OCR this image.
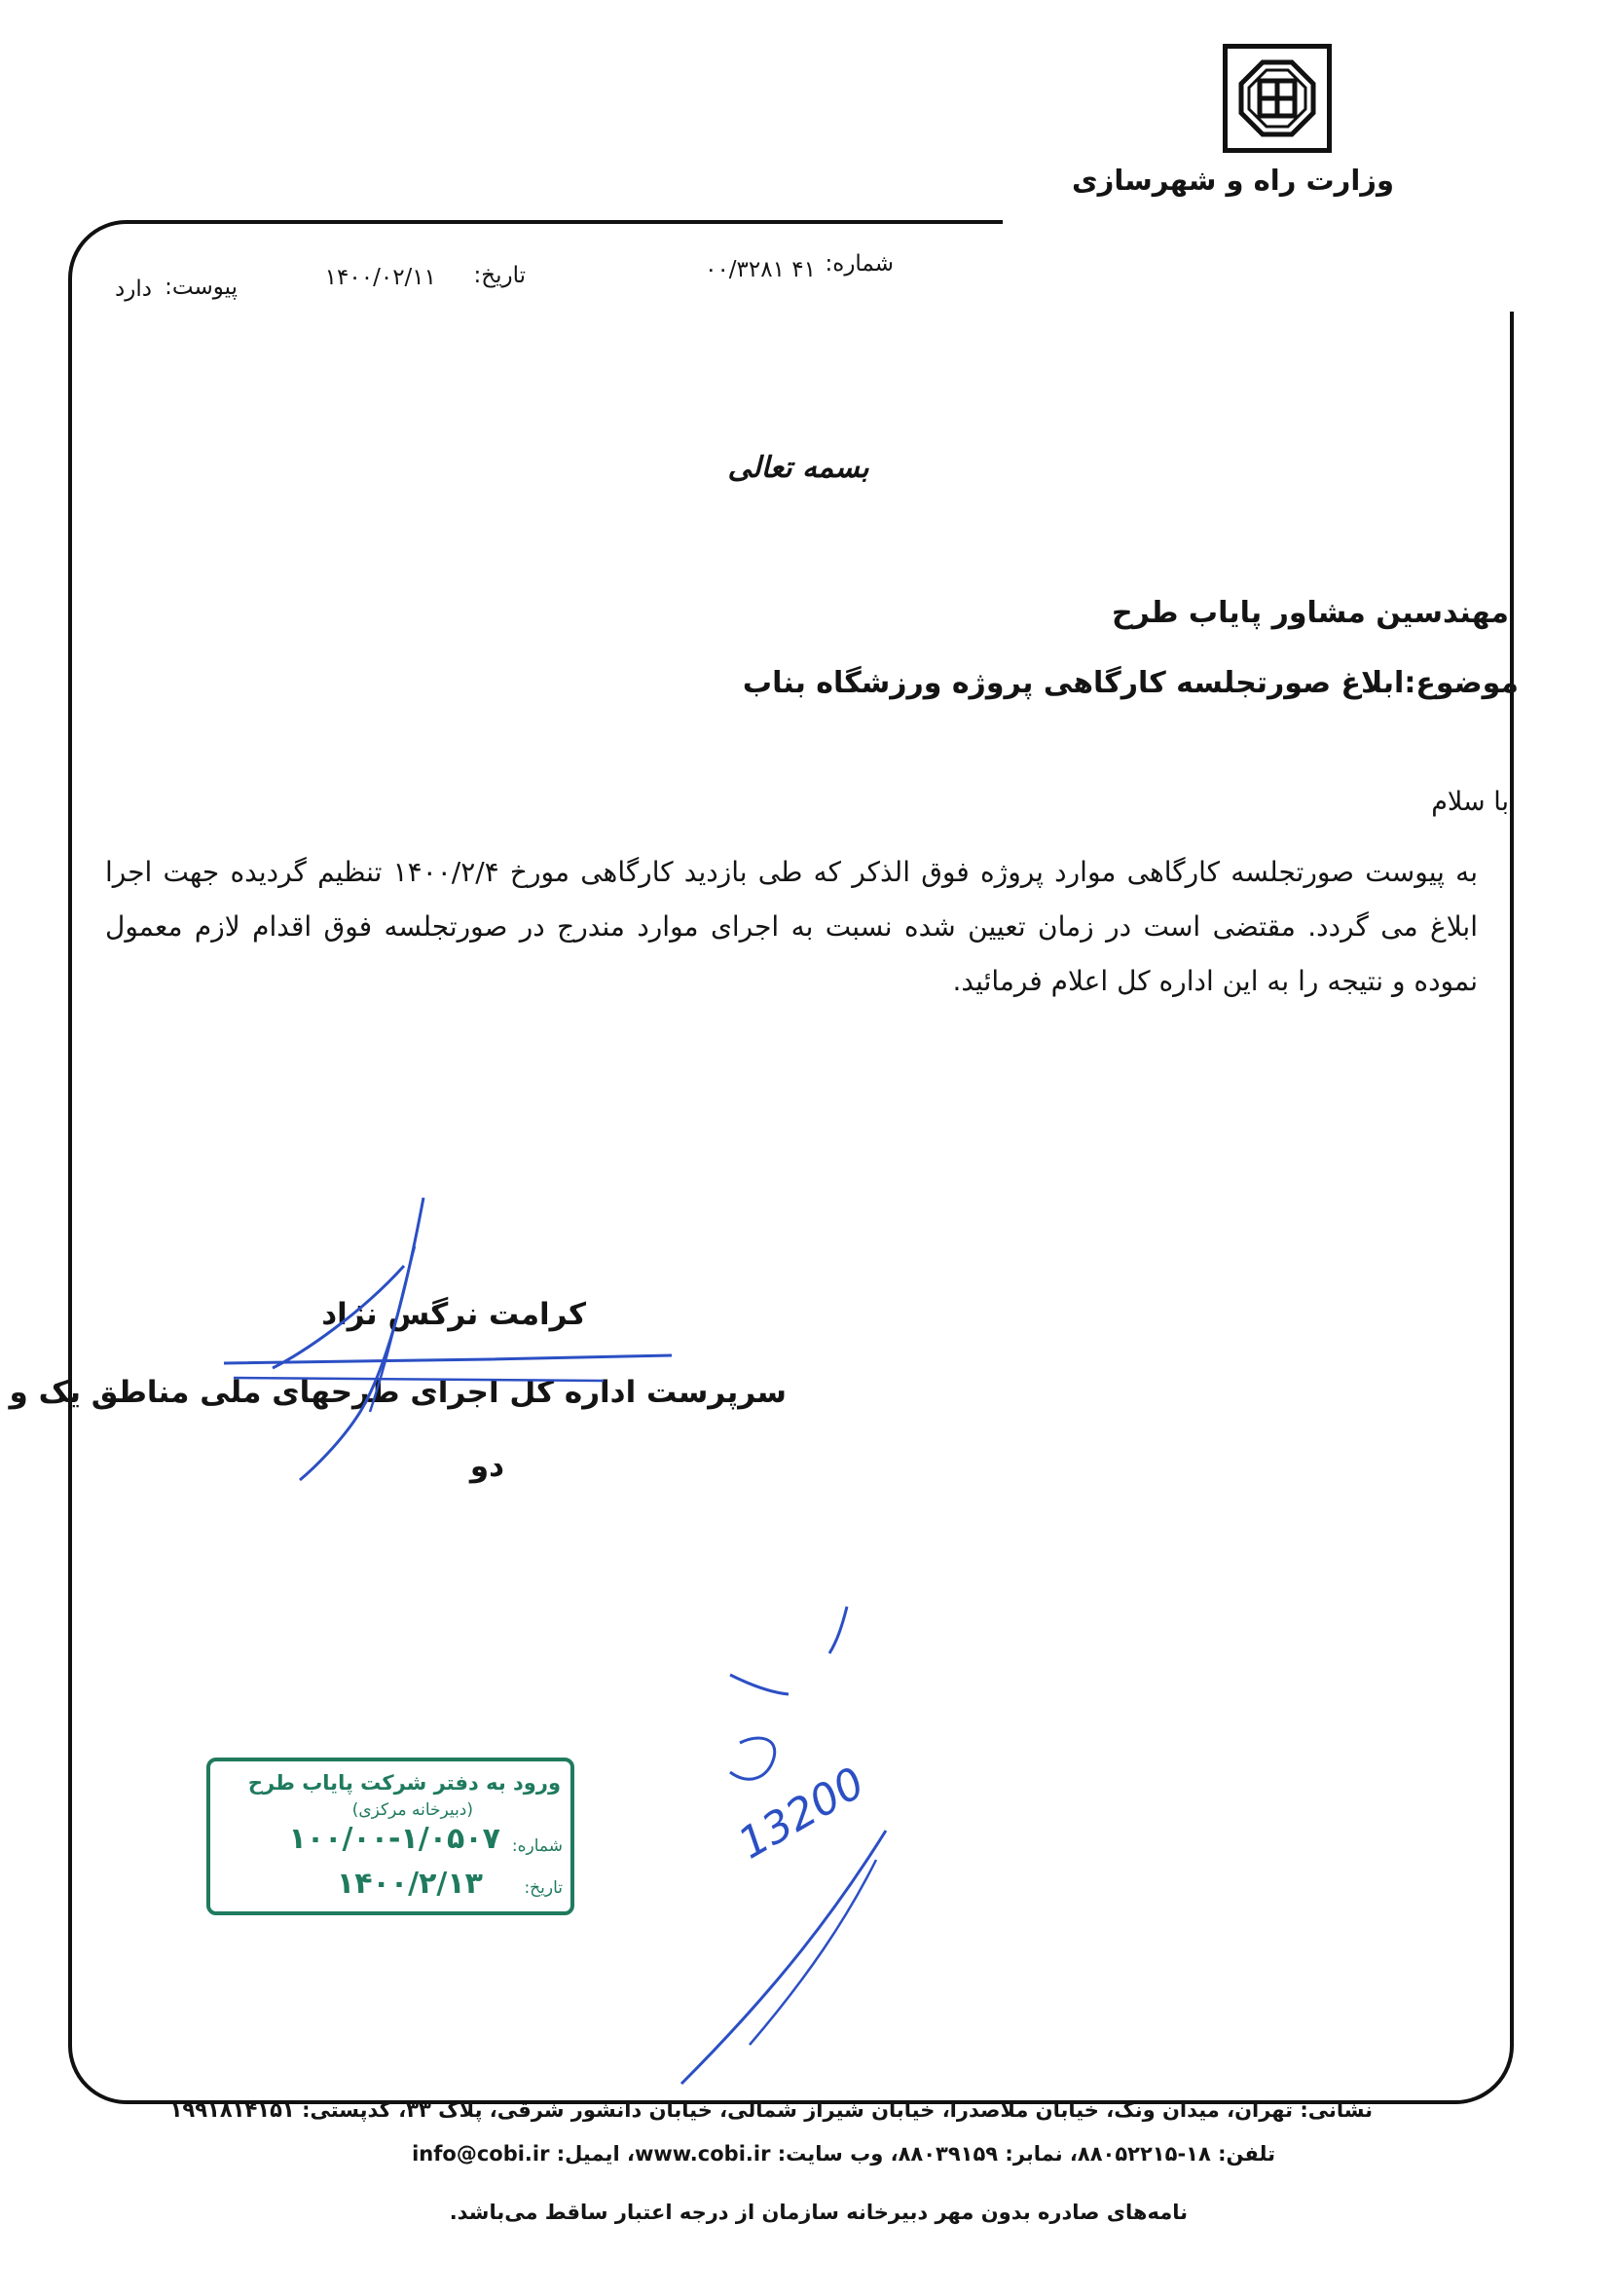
وزارت راه و شهرسازی
شماره:
۴۱ ۰۰/۳۲۸۱
تاریخ:
۱۴۰۰/۰۲/۱۱
پیوست:
دارد
بسمه تعالی
مهندسین مشاور پایاب طرح
موضوع:ابلاغ صورتجلسه کارگاهی پروژه ورزشگاه بناب
با سلام
به پیوست صورتجلسه کارگاهی موارد پروژه فوق الذکر که طی بازدید کارگاهی مورخ ۱۴۰۰/۲/۴ تنظیم گردیده جهت اجرا ابلاغ می گردد. مقتضی است در زمان تعیین شده نسبت به اجرای موارد مندرج در صورتجلسه فوق اقدام لازم معمول نموده و نتیجه را به این اداره کل اعلام فرمائید.
کرامت نرگس نژاد
سرپرست اداره کل اجرای طرحهای ملی مناطق یک و
دو
ورود به دفتر شرکت پایاب طرح
(دبیرخانه مرکزی)
شماره:
۱۰۰/۰۰-۱/۰۵۰۷
تاریخ:
۱۴۰۰/۲/۱۳
13200
نشانی: تهران، میدان ونک، خیابان ملاصدرا، خیابان شیراز شمالی، خیابان دانشور شرقی، پلاک ۳۳، کدپستی: ۱۹۹۱۸۱۴۱۵۱
تلفن: ۱۸-۸۸۰۵۲۲۱۵، نمابر: ۸۸۰۳۹۱۵۹، وب سایت: www.cobi.ir، ایمیل: info@cobi.ir
نامه‌های صادره بدون مهر دبیرخانه سازمان از درجه اعتبار ساقط می‌باشد.
